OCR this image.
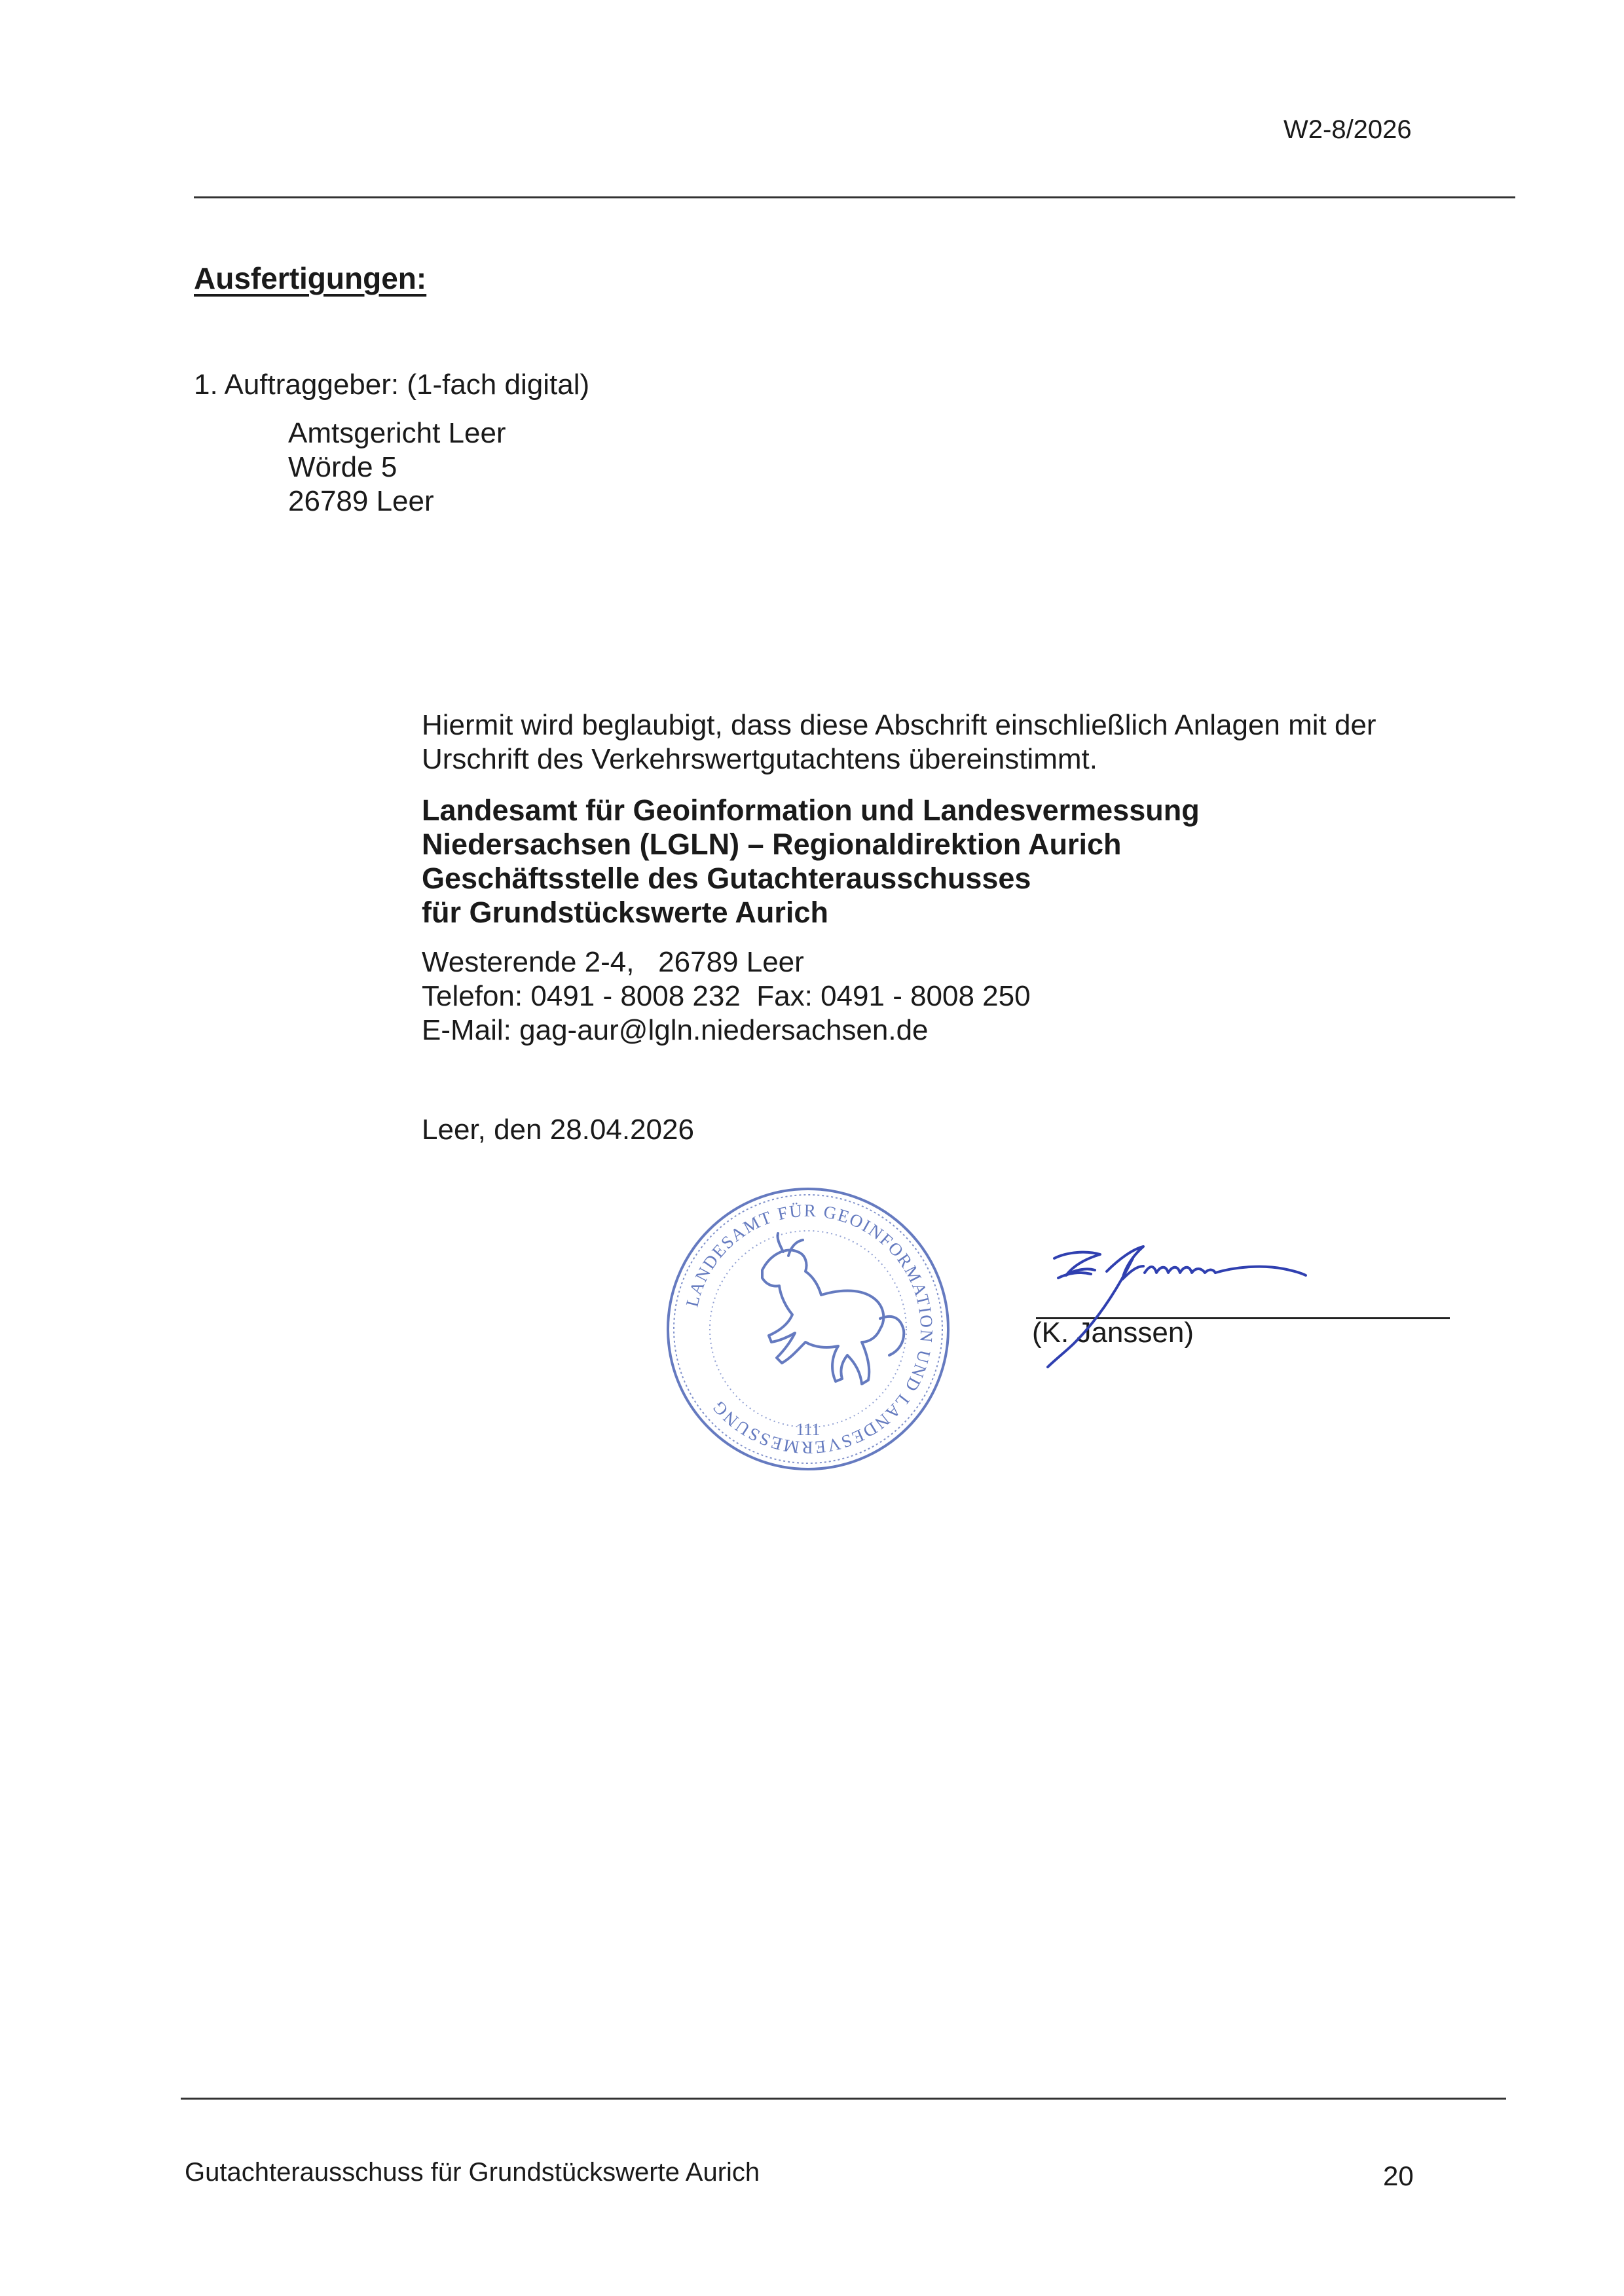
W2-8/2026
Ausfertigungen:
1. Auftraggeber: (1-fach digital)
Amtsgericht Leer
Wörde 5
26789 Leer
Hiermit wird beglaubigt, dass diese Abschrift einschließlich Anlagen mit der Urschrift des Verkehrswertgutachtens übereinstimmt.
Landesamt für Geoinformation und Landesvermessung
Niedersachsen (LGLN) – Regionaldirektion Aurich
Geschäftsstelle des Gutachterausschusses
für Grundstückswerte Aurich
Westerende 2-4,   26789 Leer
Telefon: 0491 - 8008 232  Fax: 0491 - 8008 250
E-Mail: gag-aur@lgln.niedersachsen.de
Leer, den 28.04.2026
LANDESAMT FÜR GEOINFORMATION UND LANDESVERMESSUNG
111
(K. Janssen)
Gutachterausschuss für Grundstückswerte Aurich	20
